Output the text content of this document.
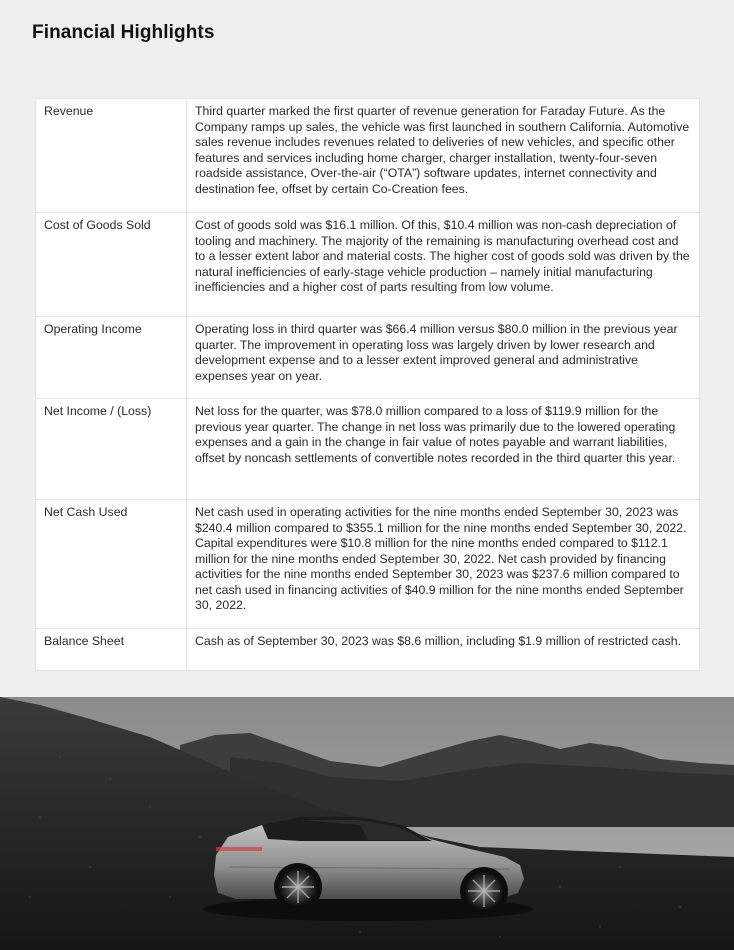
Financial Highlights
Revenue	Third quarter marked the first quarter of revenue generation for Faraday Future. As the Company ramps up sales, the vehicle was first launched in southern California. Automotive sales revenue includes revenues related to deliveries of new vehicles, and specific other features and services including home charger, charger installation, twenty-four-seven roadside assistance, Over-the-air (“OTA”) software updates, internet connectivity and destination fee, offset by certain Co-Creation fees.
Cost of Goods Sold	Cost of goods sold was $16.1 million. Of this, $10.4 million was non-cash depreciation of tooling and machinery. The majority of the remaining is manufacturing overhead cost and to a lesser extent labor and material costs. The higher cost of goods sold was driven by the natural inefficiencies of early-stage vehicle production – namely initial manufacturing inefficiencies and a higher cost of parts resulting from low volume.
Operating Income	Operating loss in third quarter was $66.4 million versus $80.0 million in the previous year quarter. The improvement in operating loss was largely driven by lower research and development expense and to a lesser extent improved general and administrative expenses year on year.
Net Income / (Loss)	Net loss for the quarter, was $78.0 million compared to a loss of $119.9 million for the previous year quarter. The change in net loss was primarily due to the lowered operating expenses and a gain in the change in fair value of notes payable and warrant liabilities, offset by noncash settlements of convertible notes recorded in the third quarter this year.
Net Cash Used	Net cash used in operating activities for the nine months ended September 30, 2023 was $240.4 million compared to $355.1 million for the nine months ended September 30, 2022. Capital expenditures were $10.8 million for the nine months ended compared to $112.1 million for the nine months ended September 30, 2022. Net cash provided by financing activities for the nine months ended September 30, 2023 was $237.6 million compared to net cash used in financing activities of $40.9 million for the nine months ended September 30, 2022.
Balance Sheet	Cash as of September 30, 2023 was $8.6 million, including $1.9 million of restricted cash.
